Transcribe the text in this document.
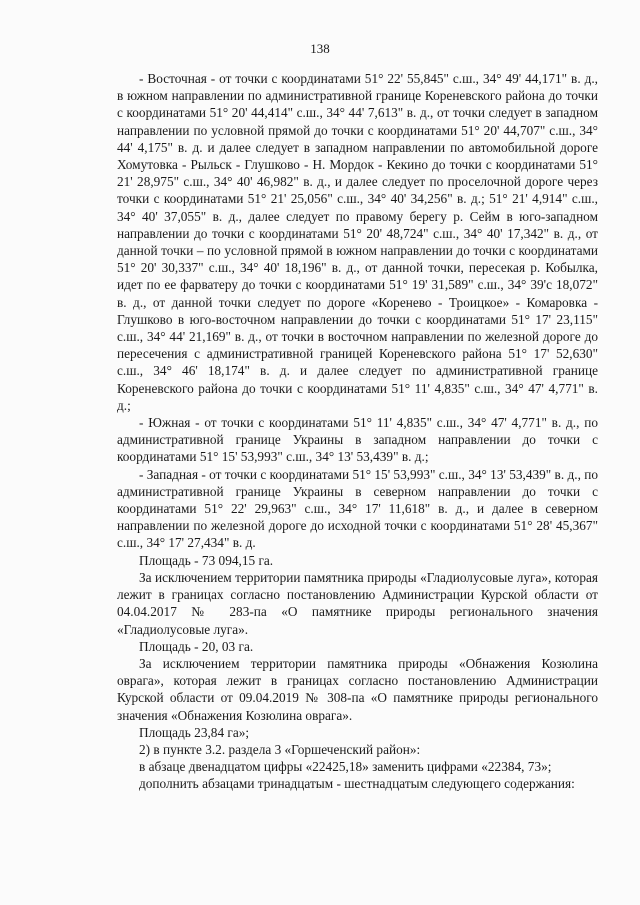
138

- Восточная - от точки с координатами 51° 22' 55,845" с.ш., 34° 49' 44,171" в. д., в южном направлении по административной границе Кореневского района до точки с координатами 51° 20' 44,414" с.ш., 34° 44' 7,613" в. д., от точки следует в западном направлении по условной прямой до точки с координатами 51° 20' 44,707" с.ш., 34° 44' 4,175" в. д. и далее следует в западном направлении по автомобильной дороге Хомутовка - Рыльск - Глушково - Н. Мордок - Кекино до точки с координатами 51° 21' 28,975" с.ш., 34° 40' 46,982" в. д., и далее следует по проселочной дороге через точки с координатами 51° 21' 25,056" с.ш., 34° 40' 34,256" в. д.; 51° 21' 4,914" с.ш., 34° 40' 37,055" в. д., далее следует по правому берегу р. Сейм в юго-западном направлении до точки с координатами 51° 20' 48,724" с.ш., 34° 40' 17,342" в. д., от данной точки – по условной прямой в южном направлении до точки с координатами 51° 20' 30,337" с.ш., 34° 40' 18,196" в. д., от данной точки, пересекая р. Кобылка, идет по ее фарватеру до точки с координатами 51° 19' 31,589" с.ш., 34° 39'с 18,072" в. д., от данной точки следует по дороге «Коренево - Троицкое» - Комаровка - Глушково в юго-восточном направлении до точки с координатами 51° 17' 23,115" с.ш., 34° 44' 21,169" в. д., от точки в восточном направлении по железной дороге до пересечения с административной границей Кореневского района 51° 17' 52,630" с.ш., 34° 46' 18,174" в. д. и далее следует по административной границе Кореневского района до точки с координатами 51° 11' 4,835" с.ш., 34° 47' 4,771" в. д.;

- Южная - от точки с координатами 51° 11' 4,835" с.ш., 34° 47' 4,771" в. д., по административной границе Украины в западном направлении до точки с координатами 51° 15' 53,993" с.ш., 34° 13' 53,439" в. д.;

- Западная - от точки с координатами 51° 15' 53,993" с.ш., 34° 13' 53,439" в. д., по административной границе Украины в северном направлении до точки с координатами 51° 22' 29,963" с.ш., 34° 17' 11,618" в. д., и далее в северном направлении по железной дороге до исходной точки с координатами 51° 28' 45,367" с.ш., 34° 17' 27,434" в. д.

Площадь - 73 094,15 га.

За исключением территории памятника природы «Гладиолусовые луга», которая лежит в границах согласно постановлению Администрации Курской области от 04.04.2017 № 283-па «О памятнике природы регионального значения «Гладиолусовые луга».

Площадь - 20, 03 га.

За исключением территории памятника природы «Обнажения Козюлина оврага», которая лежит в границах согласно постановлению Администрации Курской области от 09.04.2019 № 308-па «О памятнике природы регионального значения «Обнажения Козюлина оврага».

Площадь 23,84 га»;

2) в пункте 3.2. раздела 3 «Горшеченский район»:

в абзаце двенадцатом цифры «22425,18» заменить цифрами «22384, 73»;

дополнить абзацами тринадцатым - шестнадцатым следующего содержания:
